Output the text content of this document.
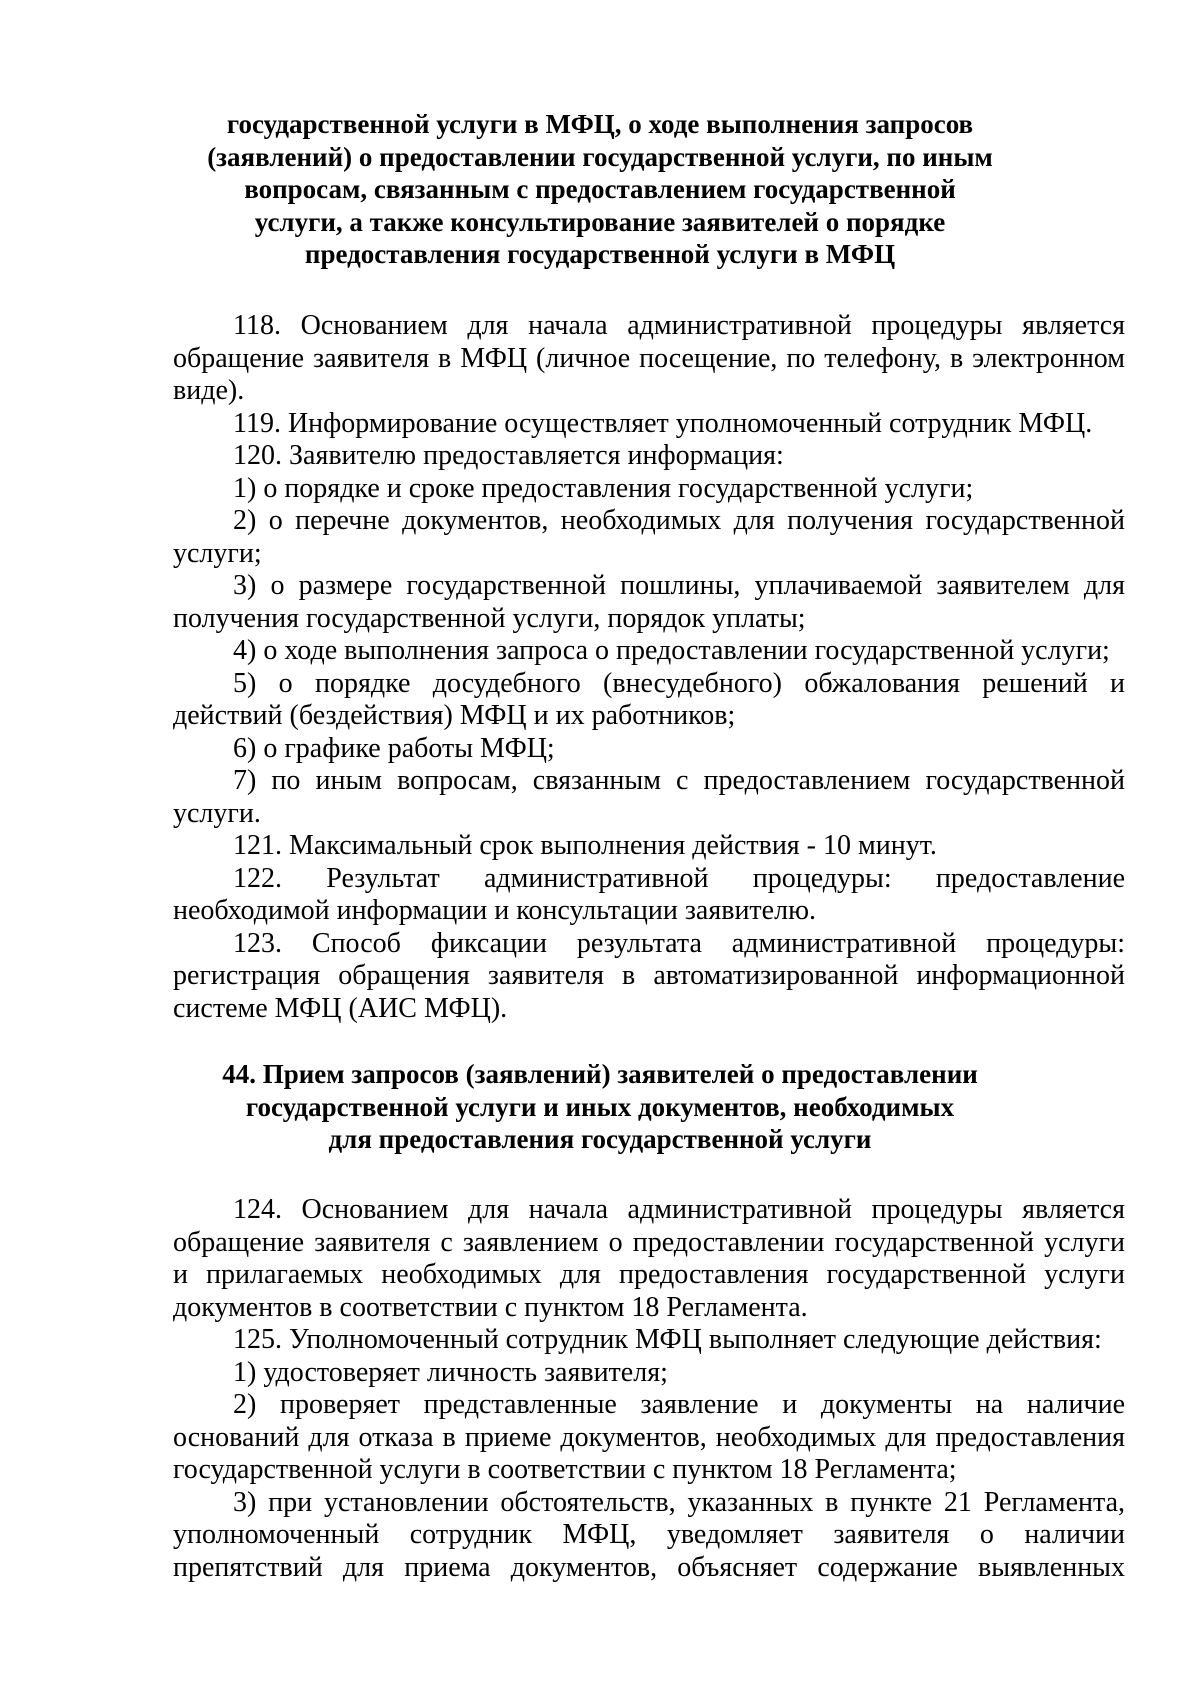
государственной услуги в МФЦ, о ходе выполнения запросов
(заявлений) о предоставлении государственной услуги, по иным
вопросам, связанным с предоставлением государственной
услуги, а также консультирование заявителей о порядке
предоставления государственной услуги в МФЦ

118. Основанием для начала административной процедуры является обращение заявителя в МФЦ (личное посещение, по телефону, в электронном виде).

119. Информирование осуществляет уполномоченный сотрудник МФЦ.

120. Заявителю предоставляется информация:

1) о порядке и сроке предоставления государственной услуги;

2) о перечне документов, необходимых для получения государственной услуги;

3) о размере государственной пошлины, уплачиваемой заявителем для получения государственной услуги, порядок уплаты;

4) о ходе выполнения запроса о предоставлении государственной услуги;

5) о порядке досудебного (внесудебного) обжалования решений и действий (бездействия) МФЦ и их работников;

6) о графике работы МФЦ;

7) по иным вопросам, связанным с предоставлением государственной услуги.

121. Максимальный срок выполнения действия - 10 минут.

122. Результат административной процедуры: предоставление необходимой информации и консультации заявителю.

123. Способ фиксации результата административной процедуры: регистрация обращения заявителя в автоматизированной информационной системе МФЦ (АИС МФЦ).

44. Прием запросов (заявлений) заявителей о предоставлении
государственной услуги и иных документов, необходимых
для предоставления государственной услуги

124. Основанием для начала административной процедуры является обращение заявителя с заявлением о предоставлении государственной услуги и прилагаемых необходимых для предоставления государственной услуги документов в соответствии с пунктом 18 Регламента.

125. Уполномоченный сотрудник МФЦ выполняет следующие действия:

1) удостоверяет личность заявителя;

2) проверяет представленные заявление и документы на наличие оснований для отказа в приеме документов, необходимых для предоставления государственной услуги в соответствии с пунктом 18 Регламента;

3) при установлении обстоятельств, указанных в пункте 21 Регламента, уполномоченный сотрудник МФЦ, уведомляет заявителя о наличии препятствий для приема документов, объясняет содержание выявленных
